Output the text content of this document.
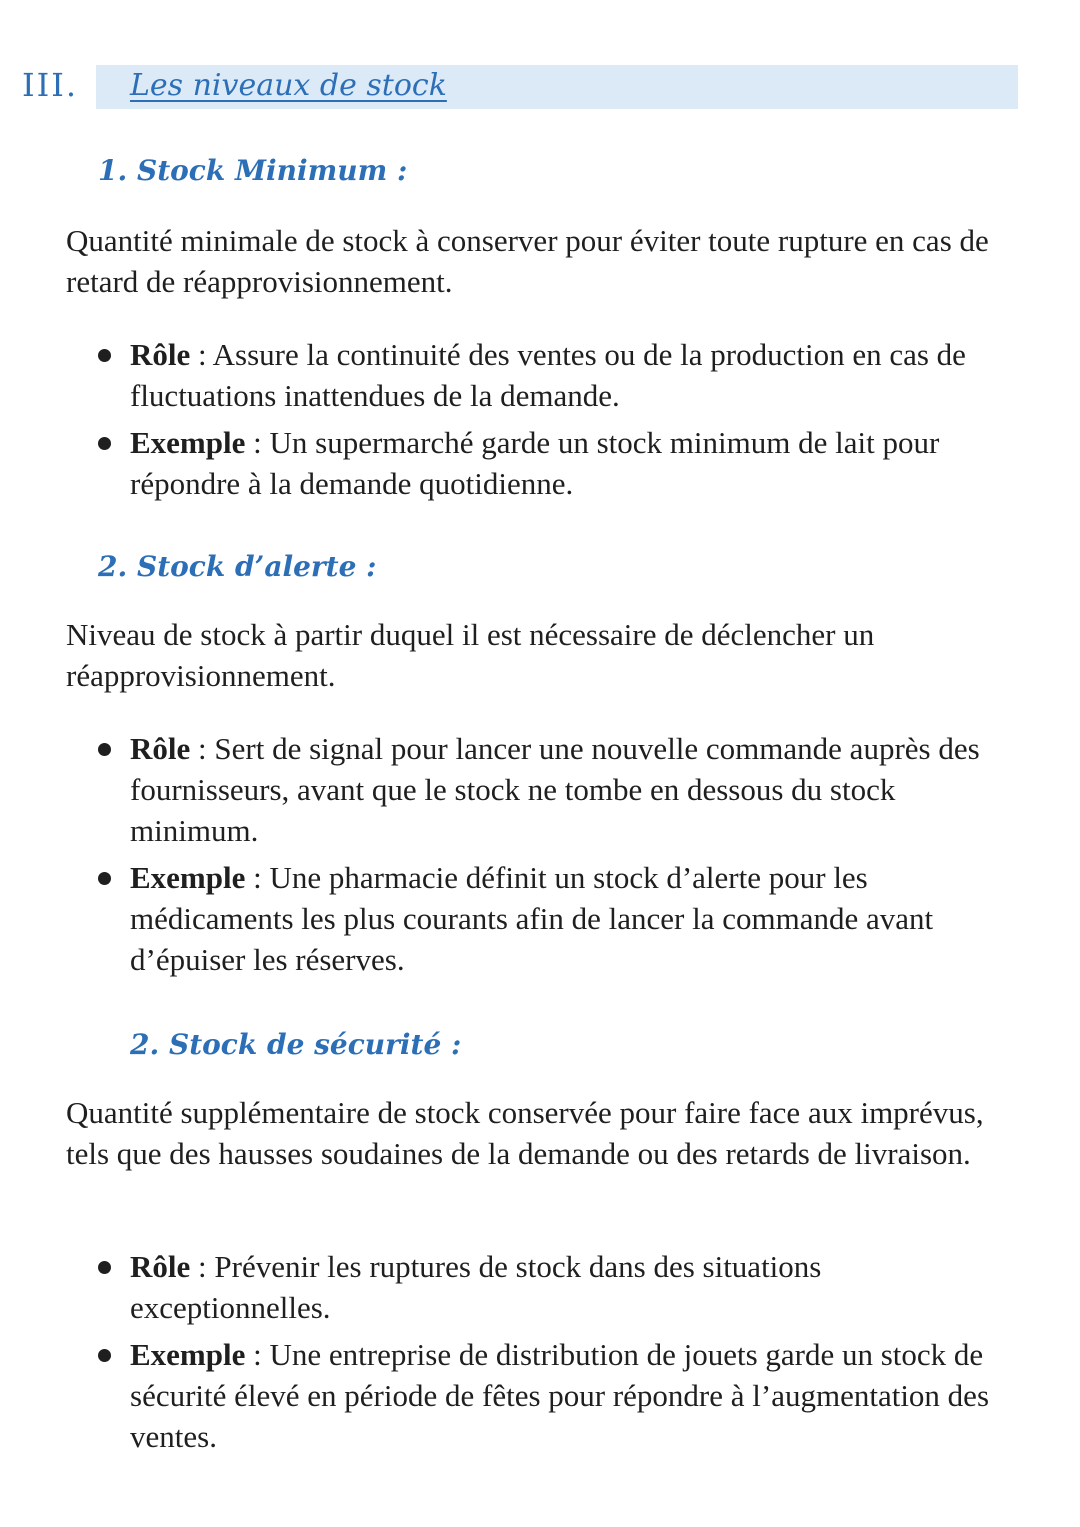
III. Les niveaux de stock
1. Stock Minimum :
Quantité minimale de stock à conserver pour éviter toute rupture en cas de retard de réapprovisionnement.
Rôle : Assure la continuité des ventes ou de la production en cas de fluctuations inattendues de la demande.
Exemple : Un supermarché garde un stock minimum de lait pour répondre à la demande quotidienne.
2. Stock d’alerte :
Niveau de stock à partir duquel il est nécessaire de déclencher un réapprovisionnement.
Rôle : Sert de signal pour lancer une nouvelle commande auprès des fournisseurs, avant que le stock ne tombe en dessous du stock minimum.
Exemple : Une pharmacie définit un stock d’alerte pour les médicaments les plus courants afin de lancer la commande avant d’épuiser les réserves.
2. Stock de sécurité :
Quantité supplémentaire de stock conservée pour faire face aux imprévus, tels que des hausses soudaines de la demande ou des retards de livraison.
Rôle : Prévenir les ruptures de stock dans des situations exceptionnelles.
Exemple : Une entreprise de distribution de jouets garde un stock de sécurité élevé en période de fêtes pour répondre à l’augmentation des ventes.
